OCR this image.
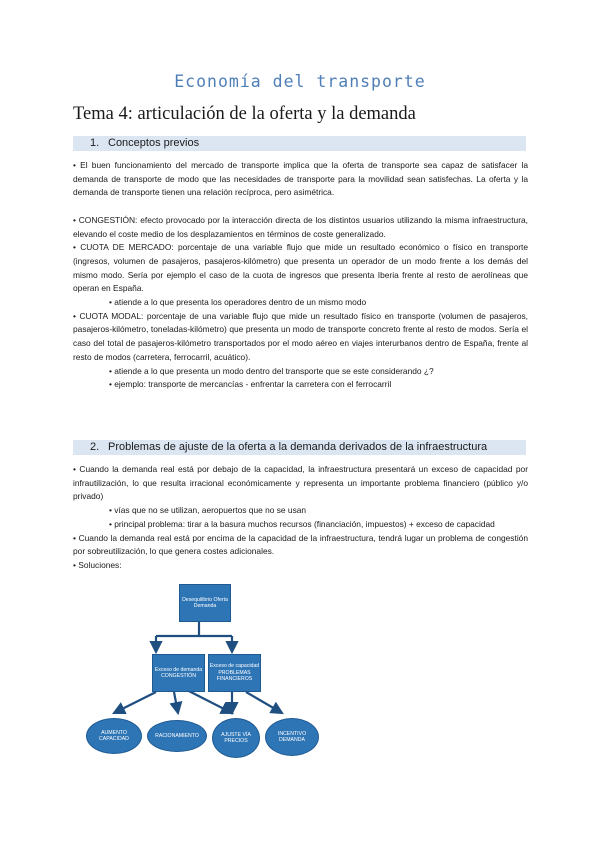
Economía del transporte
Tema 4: articulación de la oferta y la demanda
1. Conceptos previos

• El buen funcionamiento del mercado de transporte implica que la oferta de transporte sea capaz de satisfacer la demanda de transporte de modo que las necesidades de transporte para la movilidad sean satisfechas. La oferta y la demanda de transporte tienen una relación recíproca, pero asimétrica.

• CONGESTIÓN: efecto provocado por la interacción directa de los distintos usuarios utilizando la misma infraestructura, elevando el coste medio de los desplazamientos en términos de coste generalizado.

• CUOTA DE MERCADO: porcentaje de una variable flujo que mide un resultado económico o físico en transporte (ingresos, volumen de pasajeros, pasajeros-kilómetro) que presenta un operador de un modo frente a los demás del mismo modo. Sería por ejemplo el caso de la cuota de ingresos que presenta Iberia frente al resto de aerolíneas que operan en España.

• atiende a lo que presenta los operadores dentro de un mismo modo

• CUOTA MODAL: porcentaje de una variable flujo que mide un resultado físico en transporte (volumen de pasajeros, pasajeros-kilómetro, toneladas-kilómetro) que presenta un modo de transporte concreto frente al resto de modos. Sería el caso del total de pasajeros-kilómetro transportados por el modo aéreo en viajes interurbanos dentro de España, frente al resto de modos (carretera, ferrocarril, acuático).

• atiende a lo que presenta un modo dentro del transporte que se este considerando ¿?

• ejemplo: transporte de mercancías - enfrentar la carretera con el ferrocarril

2. Problemas de ajuste de la oferta a la demanda derivados de la infraestructura

• Cuando la demanda real está por debajo de la capacidad, la infraestructura presentará un exceso de capacidad por infrautilización, lo que resulta irracional económicamente y representa un importante problema financiero (público y/o privado)

• vías que no se utilizan, aeropuertos que no se usan

• principal problema: tirar a la basura muchos recursos (financiación, impuestos) + exceso de capacidad

• Cuando la demanda real está por encima de la capacidad de la infraestructura, tendrá lugar un problema de congestión por sobreutilización, lo que genera costes adicionales.

• Soluciones:

Desequilibrio Oferta Demanda
Exceso de demanda CONGESTIÓN
Exceso de capacidad PROBLEMAS FINANCIEROS
AUMENTO CAPACIDAD
RACIONAMIENTO	AJUSTE VÍA PRECIOS
INCENTIVO DEMANDA
